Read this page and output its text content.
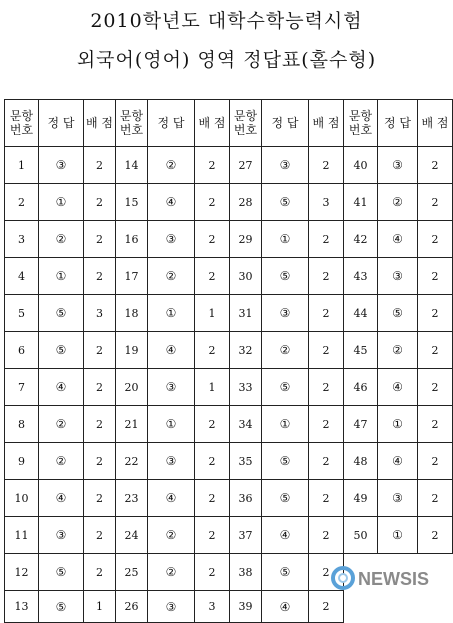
2010학년도 대학수학능력시험
외국어(영어) 영역 정답표(홀수형)
문항 번호	정 답	배 점	문항 번호	정 답	배 점	문항 번호	정 답	배 점	문항 번호	정 답	배 점
1	③	2	14	②	2	27	③	2	40	③	2
2	①	2	15	④	2	28	⑤	3	41	②	2
3	②	2	16	③	2	29	①	2	42	④	2
4	①	2	17	②	2	30	⑤	2	43	③	2
5	⑤	3	18	①	1	31	③	2	44	⑤	2
6	⑤	2	19	④	2	32	②	2	45	②	2
7	④	2	20	③	1	33	⑤	2	46	④	2
8	②	2	21	①	2	34	①	2	47	①	2
9	②	2	22	③	2	35	⑤	2	48	④	2
10	④	2	23	④	2	36	⑤	2	49	③	2
11	③	2	24	②	2	37	④	2	50	①	2
12	⑤	2	25	②	2	38	⑤	2			
13	⑤	1	26	③	3	39	④	2			
NEWSIS
